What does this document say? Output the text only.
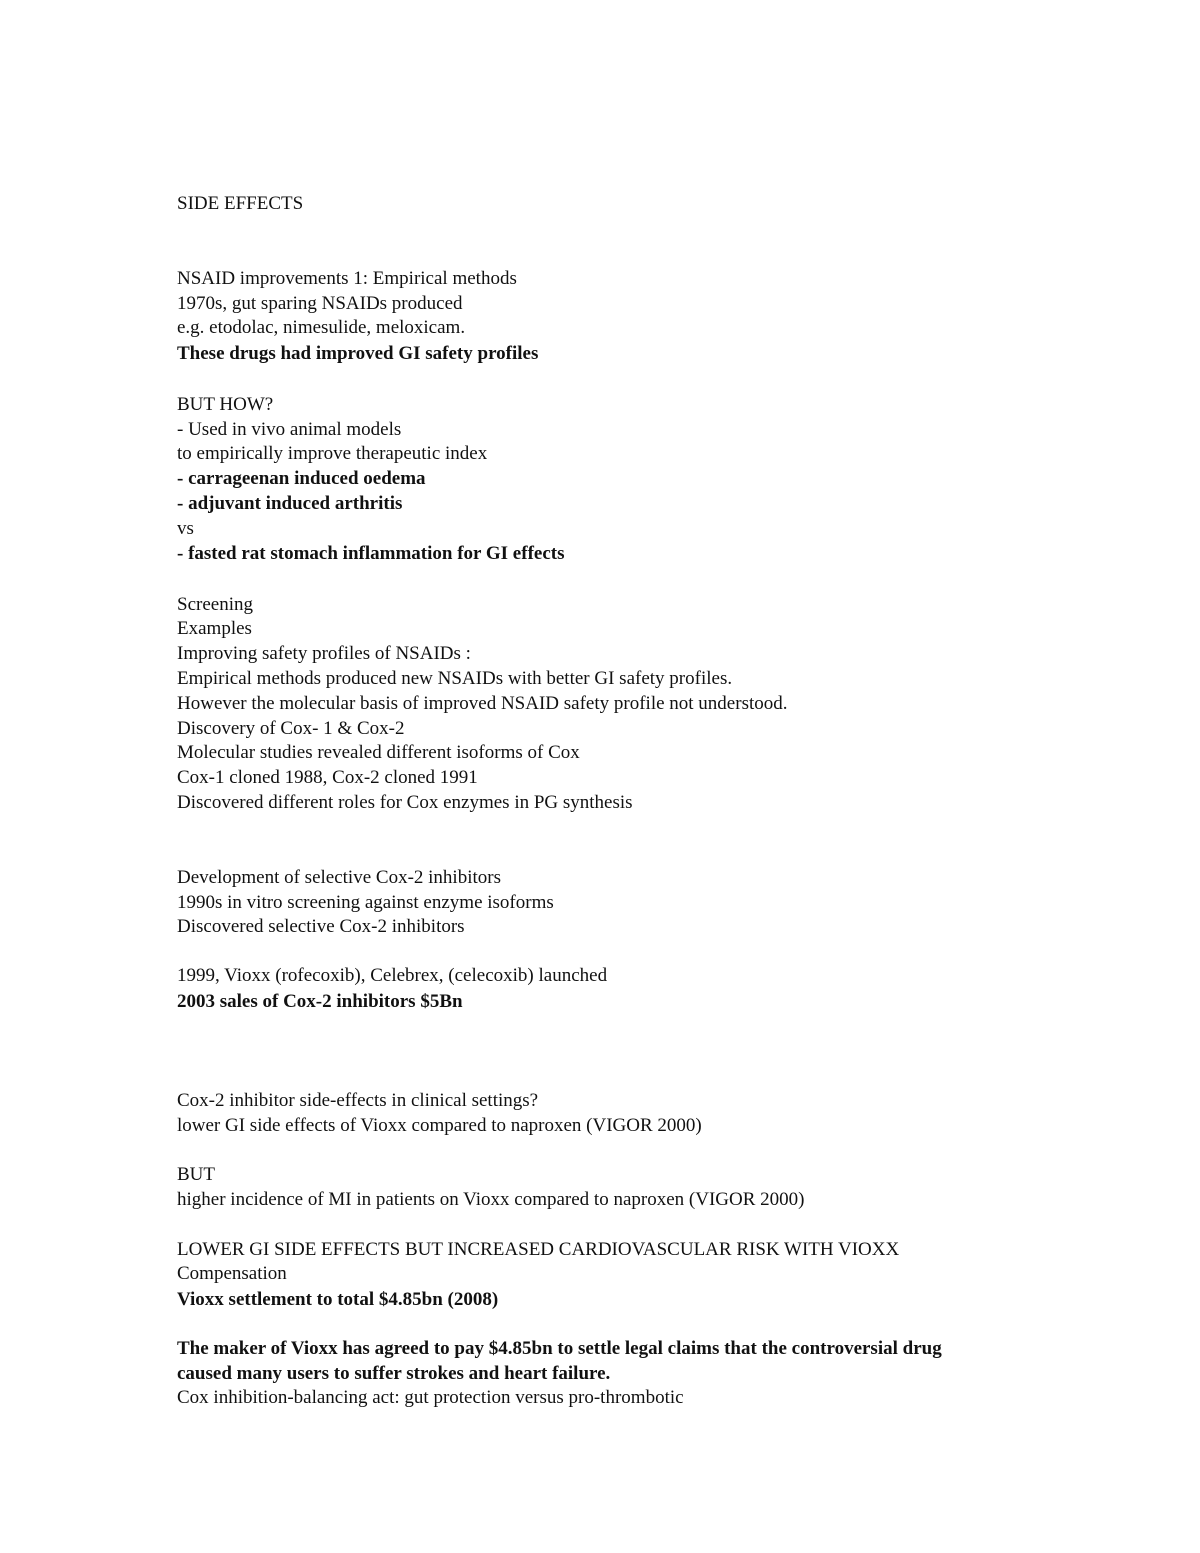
SIDE EFFECTS
NSAID improvements 1: Empirical methods
1970s, gut sparing NSAIDs produced
e.g. etodolac, nimesulide, meloxicam.
These drugs had improved GI safety profiles
BUT HOW?
- Used in vivo animal models
to empirically improve therapeutic index
- carrageenan induced oedema
- adjuvant induced arthritis
vs
- fasted rat stomach inflammation for GI effects
Screening
Examples
Improving safety profiles of NSAIDs :
Empirical methods produced new NSAIDs with better GI safety profiles.
However the molecular basis of improved NSAID safety profile not understood.
Discovery of Cox- 1 & Cox-2
Molecular studies revealed different isoforms of Cox
Cox-1 cloned 1988, Cox-2 cloned 1991
Discovered different roles for Cox enzymes in PG synthesis
Development of selective Cox-2 inhibitors
1990s in vitro screening against enzyme isoforms
Discovered selective Cox-2 inhibitors
1999, Vioxx (rofecoxib), Celebrex, (celecoxib) launched
2003 sales of Cox-2 inhibitors $5Bn
Cox-2 inhibitor side-effects in clinical settings?
lower GI side effects of Vioxx compared to naproxen (VIGOR 2000)
BUT
higher incidence of MI in patients on Vioxx compared to naproxen (VIGOR 2000)
LOWER GI SIDE EFFECTS BUT INCREASED CARDIOVASCULAR RISK WITH VIOXX
Compensation
Vioxx settlement to total $4.85bn (2008)
The maker of Vioxx has agreed to pay $4.85bn to settle legal claims that the controversial drug
caused many users to suffer strokes and heart failure.
Cox inhibition-balancing act: gut protection versus pro-thrombotic
